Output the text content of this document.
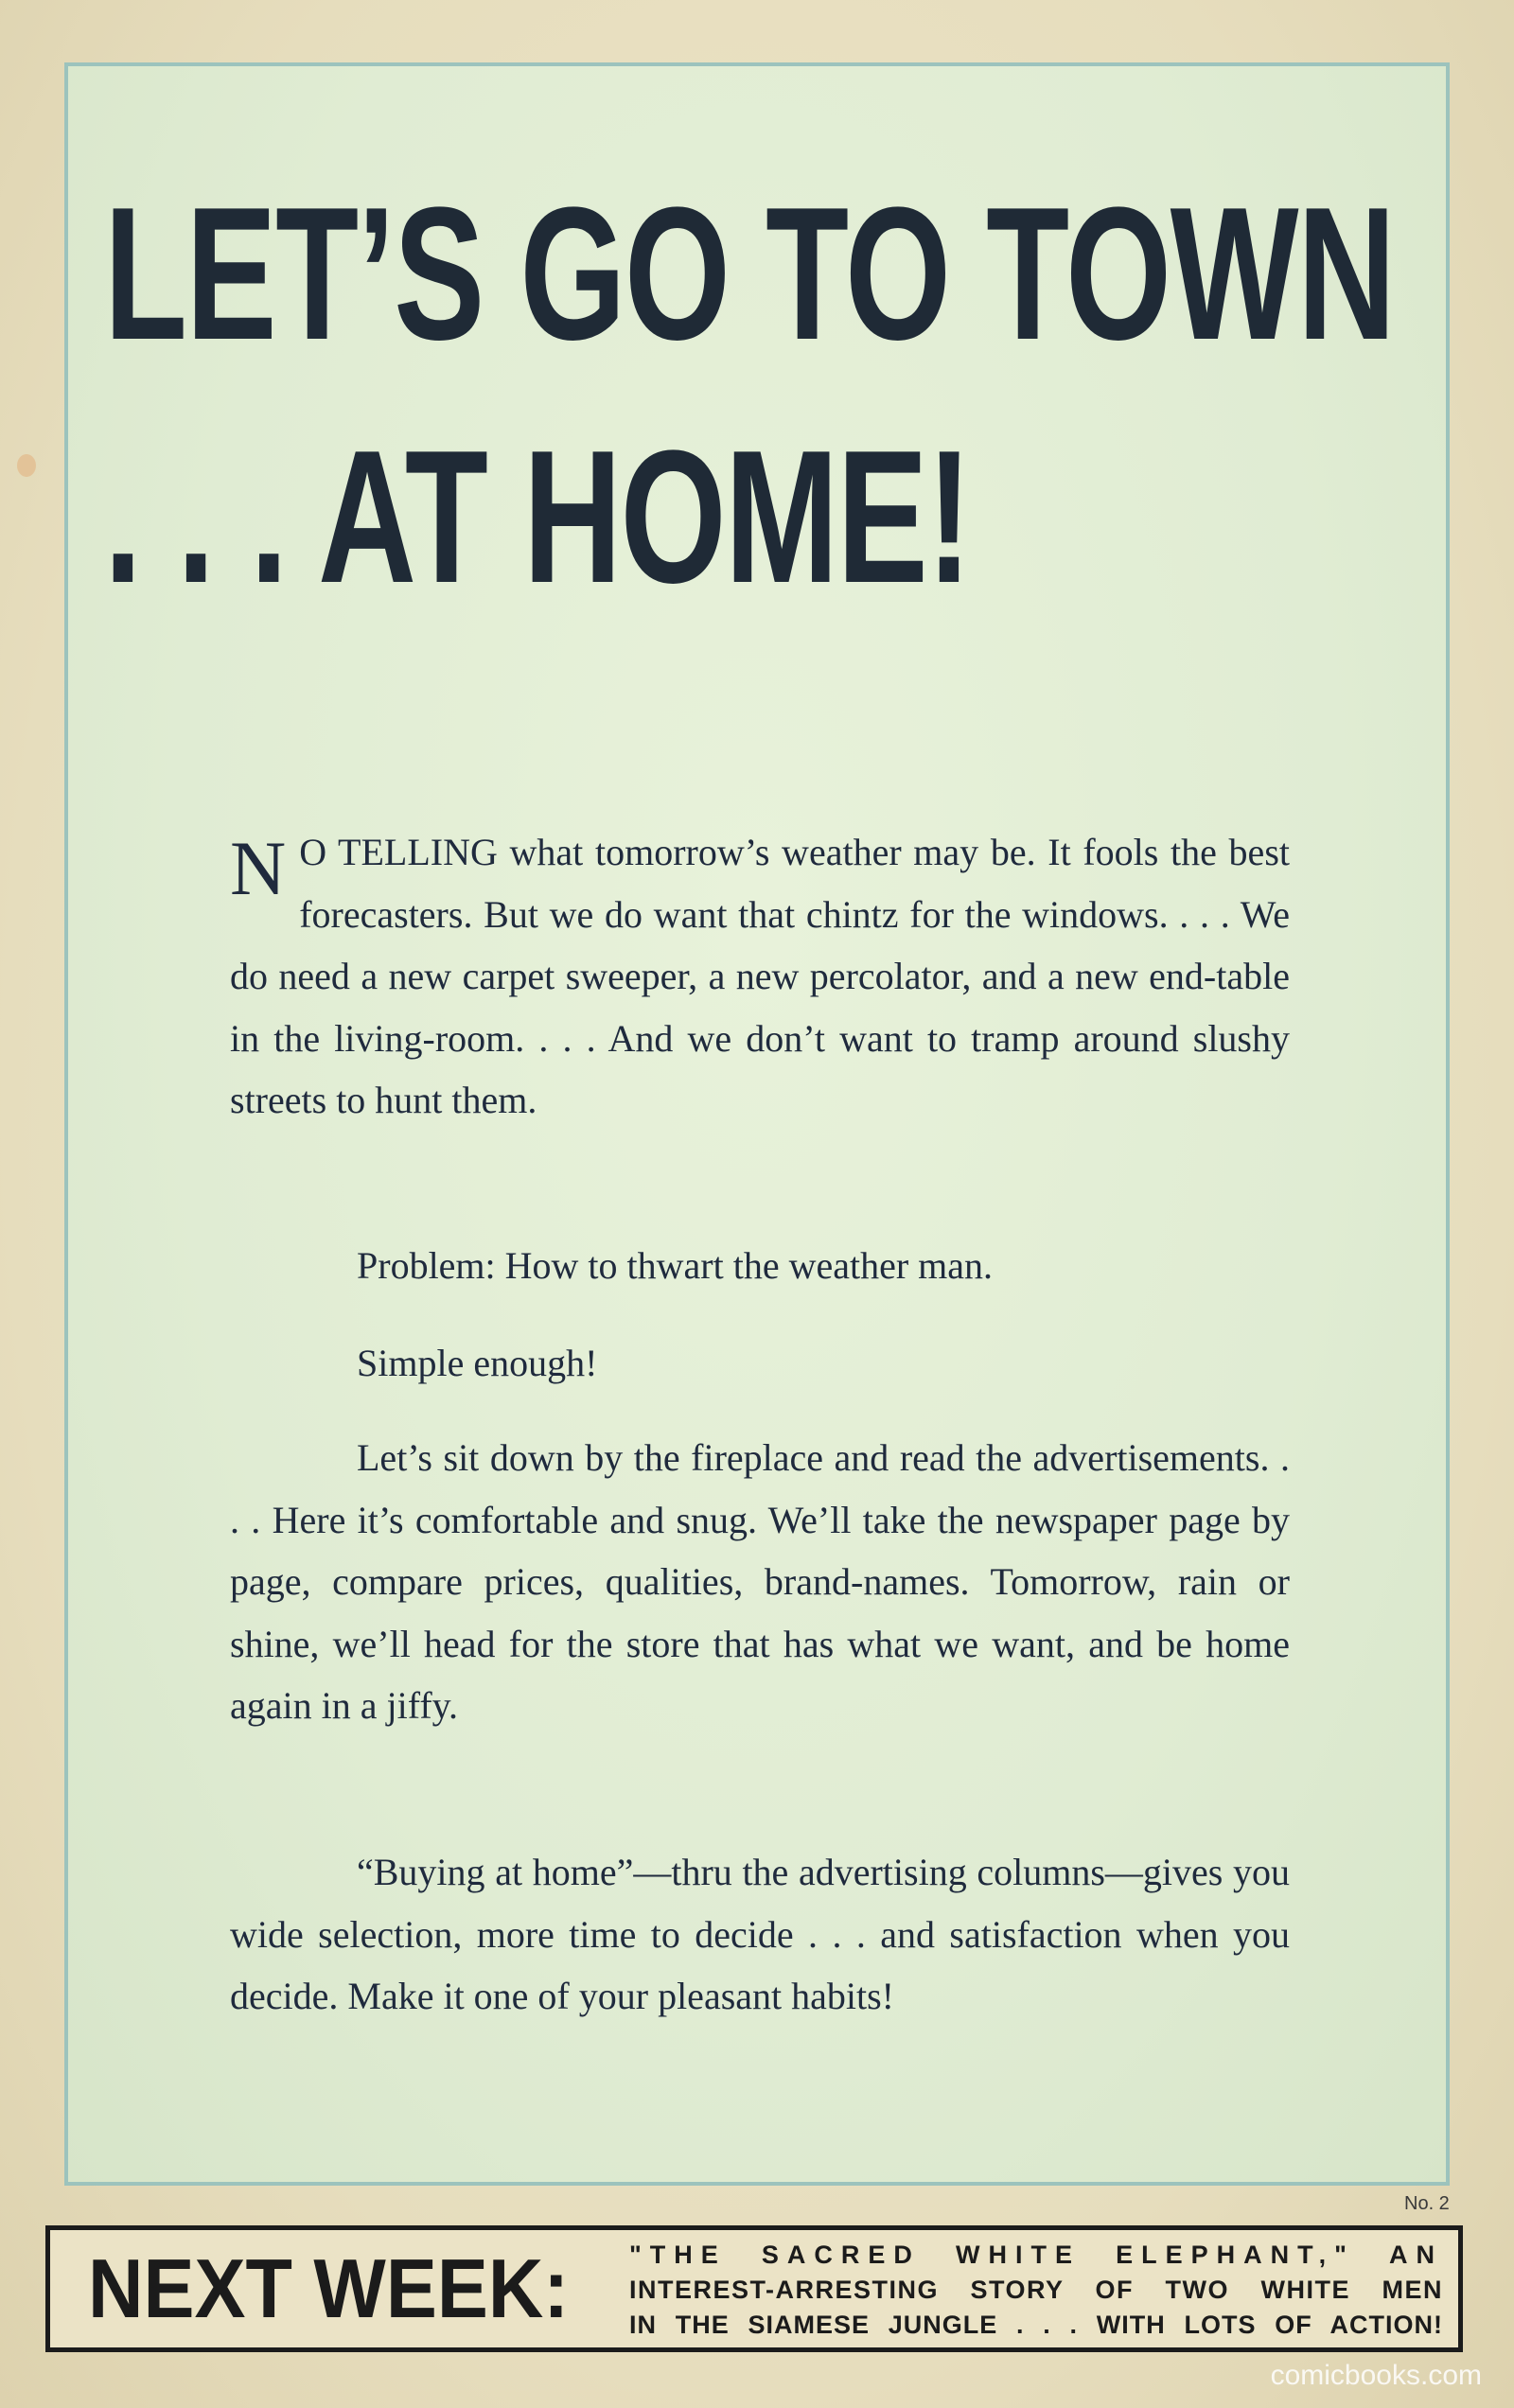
LET’S GO TO TOWN
. . . AT HOME!

N O TELLING what tomorrow’s weather may be. It fools the best forecasters. But we do want that chintz for the windows. . . . We do need a new carpet sweeper, a new percolator, and a new end-table in the living-room. . . . And we don’t want to tramp around slushy streets to hunt them.

Problem: How to thwart the weather man.

Simple enough!

Let’s sit down by the fireplace and read the advertisements. . . . Here it’s comfortable and snug. We’ll take the newspaper page by page, compare prices, qualities, brand-names. Tomorrow, rain or shine, we’ll head for the store that has what we want, and be home again in a jiffy.

“Buying at home”—thru the advertising columns—gives you wide selection, more time to decide . . . and satisfaction when you decide. Make it one of your pleasant habits!

No. 2
NEXT WEEK: "THE SACRED WHITE ELEPHANT," AN
INTEREST-ARRESTING STORY OF TWO WHITE MEN
IN THE SIAMESE JUNGLE . . . WITH LOTS OF ACTION!
comicbooks.com
